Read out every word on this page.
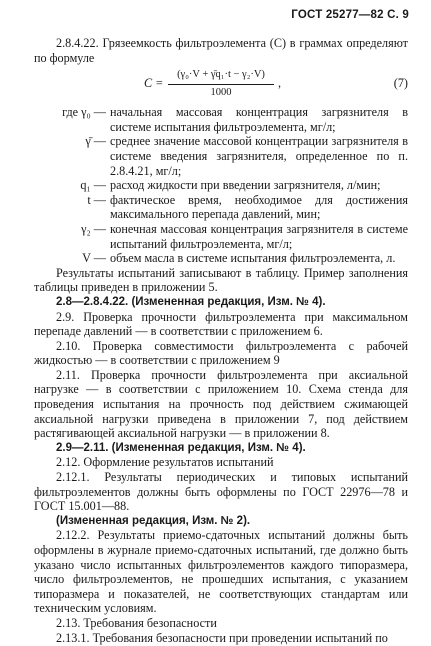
ГОСТ 25277—82 С. 9

2.8.4.22. Грязеемкость фильтроэлемента (С) в граммах определяют по формуле

$C = \frac{\text{(γ₀·V + γ̄q₁·t − γ₂·V)}}{1000}$ ,	(7)
где γ₀ — начальная массовая концентрация загрязнителя в системе испытания фильтроэлемента, мг/л;
γ̄ — среднее значение массовой концентрации загрязнителя в системе введения загрязнителя, определенное по п. 2.8.4.21, мг/л;
q₁ — расход жидкости при введении загрязнителя, л/мин;
t — фактическое время, необходимое для достижения максимального перепада давлений, мин;
γ₂ — конечная массовая концентрация загрязнителя в системе испытаний фильтроэлемента, мг/л;
V — объем масла в системе испытания фильтроэлемента, л.

Результаты испытаний записывают в таблицу. Пример заполнения таблицы приведен в приложении 5.

2.8—2.8.4.22. (Измененная редакция, Изм. № 4).

2.9. Проверка прочности фильтроэлемента при максимальном перепаде давлений — в соответствии с приложением 6.

2.10. Проверка совместимости фильтроэлемента с рабочей жидкостью — в соответствии с приложением 9

2.11. Проверка прочности фильтроэлемента при аксиальной нагрузке — в соответствии с приложением 10. Схема стенда для проведения испытания на прочность под действием сжимающей аксиальной нагрузки приведена в приложении 7, под действием растягивающей аксиальной нагрузки — в приложении 8.

2.9—2.11. (Измененная редакция, Изм. № 4).

2.12. Оформление результатов испытаний

2.12.1. Результаты периодических и типовых испытаний фильтроэлементов должны быть оформлены по ГОСТ 22976—78 и ГОСТ 15.001—88.

(Измененная редакция, Изм. № 2).

2.12.2. Результаты приемо-сдаточных испытаний должны быть оформлены в журнале приемо-сдаточных испытаний, где должно быть указано число испытанных фильтроэлементов каждого типоразмера, число фильтроэлементов, не прошедших испытания, с указанием типоразмера и показателей, не соответствующих стандартам или техническим условиям.

2.13. Требования безопасности

2.13.1. Требования безопасности при проведении испытаний по
